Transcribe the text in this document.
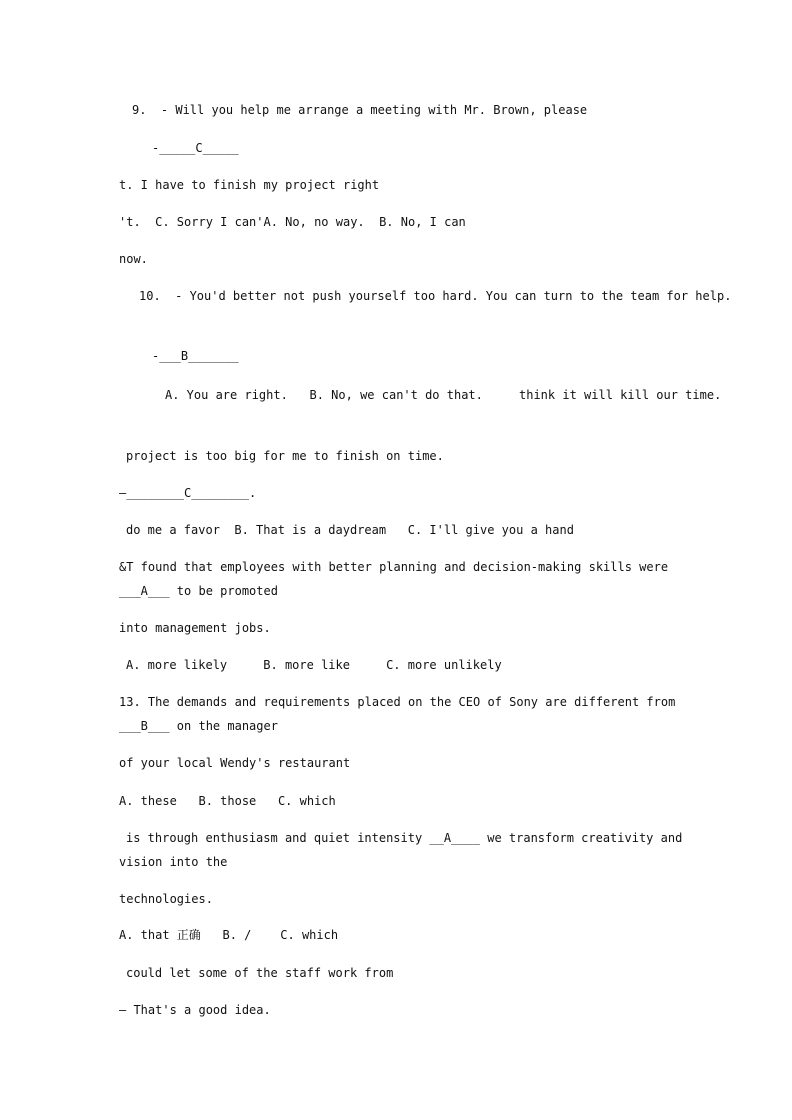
9.  - Will you help me arrange a meeting with Mr. Brown, please
-_____C_____
t. I have to finish my project right
't.  C. Sorry I can'A. No, no way.  B. No, I can
now.
10.  - You'd better not push yourself too hard. You can turn to the team for help.
-___B_______
A. You are right.   B. No, we can't do that.     think it will kill our time.
project is too big for me to finish on time.
—________C________.
do me a favor  B. That is a daydream   C. I'll give you a hand
&T found that employees with better planning and decision-making skills were
___A___ to be promoted
into management jobs.
A. more likely     B. more like     C. more unlikely
13. The demands and requirements placed on the CEO of Sony are different from
___B___ on the manager
of your local Wendy's restaurant
A. these   B. those   C. which
is through enthusiasm and quiet intensity __A____ we transform creativity and
vision into the
technologies.
A. that 正确   B. /    C. which
could let some of the staff work from
— That's a good idea.
